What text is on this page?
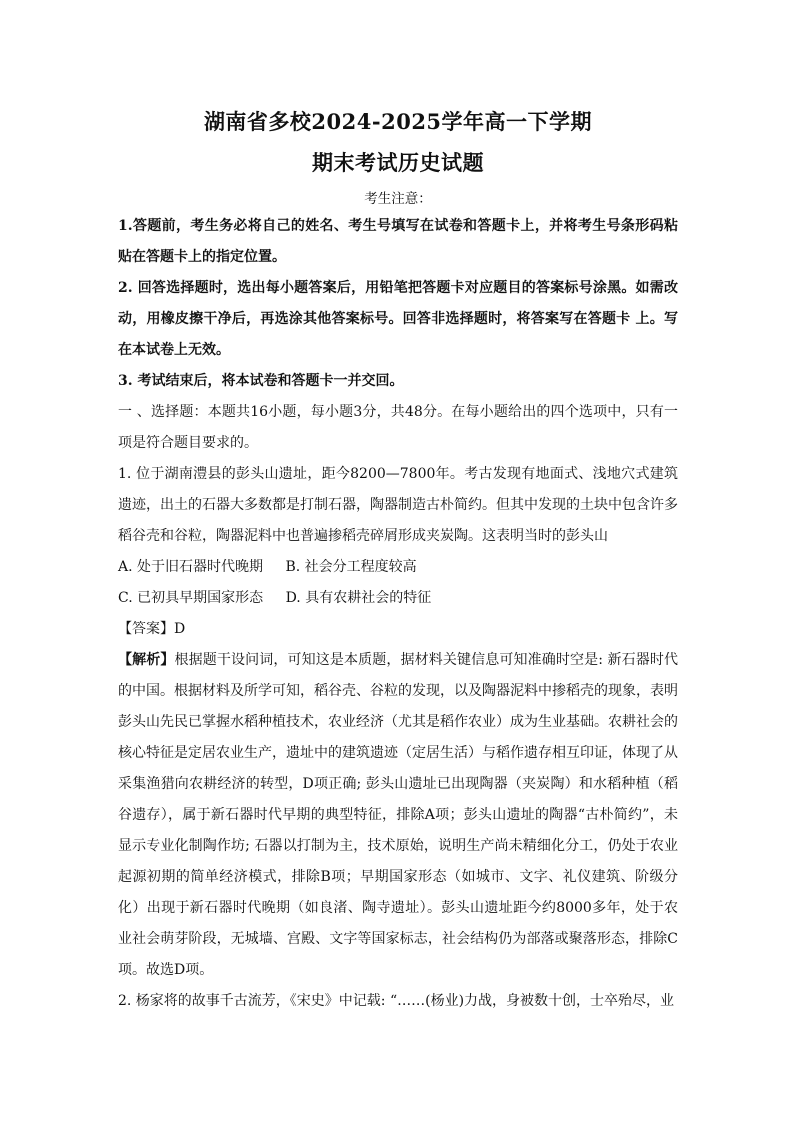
湖南省多校2024-2025学年高一下学期
期末考试历史试题
考生注意：

1.答题前，考生务必将自己的姓名、考生号填写在试卷和答题卡上，并将考生号条形码粘贴在答题卡上的指定位置。

2. 回答选择题时，选出每小题答案后，用铅笔把答题卡对应题目的答案标号涂黑。如需改动，用橡皮擦干净后，再选涂其他答案标号。回答非选择题时，将答案写在答题卡 上。写在本试卷上无效。

3. 考试结束后，将本试卷和答题卡一并交回。

一 、选择题：本题共16小题，每小题3分，共48分。在每小题给出的四个选项中，只有一项是符合题目要求的。

1. 位于湖南澧县的彭头山遗址，距今8200—7800年。考古发现有地面式、浅地穴式建筑遗迹，出土的石器大多数都是打制石器，陶器制造古朴简约。但其中发现的土块中包含许多稻谷壳和谷粒，陶器泥料中也普遍掺稻壳碎屑形成夹炭陶。这表明当时的彭头山

A. 处于旧石器时代晚期 B. 社会分工程度较高
C. 已初具早期国家形态 D. 具有农耕社会的特征
【答案】D

【解析】根据题干设问词，可知这是本质题，据材料关键信息可知准确时空是: 新石器时代的中国。根据材料及所学可知，稻谷壳、谷粒的发现，以及陶器泥料中掺稻壳的现象，表明彭头山先民已掌握水稻种植技术，农业经济（尤其是稻作农业）成为生业基础。农耕社会的核心特征是定居农业生产，遗址中的建筑遗迹（定居生活）与稻作遗存相互印证，体现了从采集渔猎向农耕经济的转型，D项正确; 彭头山遗址已出现陶器（夹炭陶）和水稻种植（稻谷遗存），属于新石器时代早期的典型特征，排除A项；彭头山遗址的陶器“古朴简约”，未显示专业化制陶作坊; 石器以打制为主，技术原始，说明生产尚未精细化分工，仍处于农业起源初期的简单经济模式，排除B项；早期国家形态（如城市、文字、礼仪建筑、阶级分化）出现于新石器时代晚期（如良渚、陶寺遗址）。彭头山遗址距今约8000多年，处于农业社会萌芽阶段，无城墙、宫殿、文字等国家标志，社会结构仍为部落或聚落形态，排除C项。故选D项。

2. 杨家将的故事千古流芳，《宋史》中记载: “……(杨业)力战，身被数十创，士卒殆尽，业
